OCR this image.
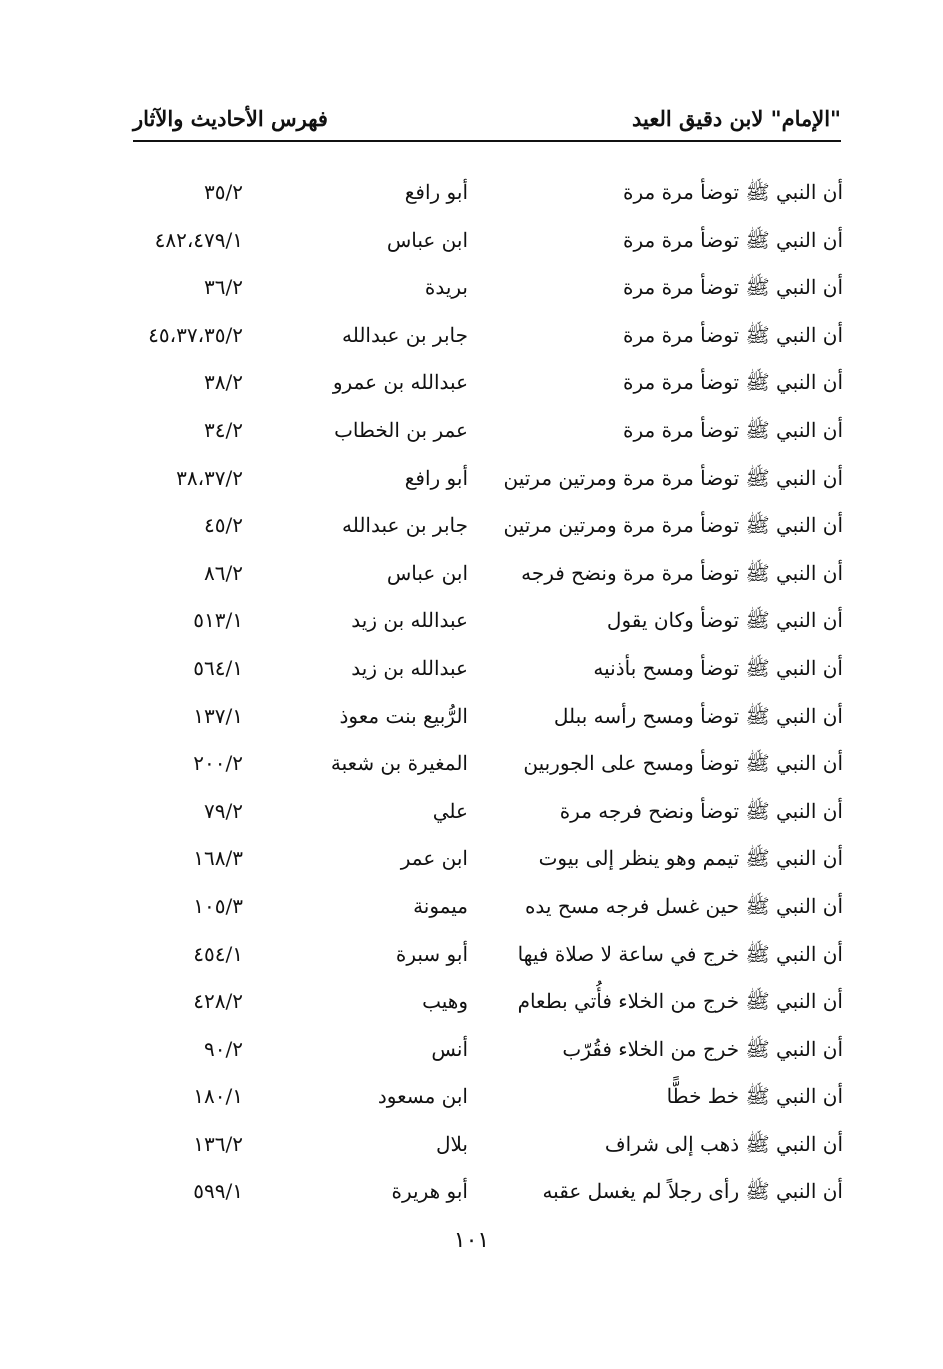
"الإمام" لابن دقيق العيد
فهرس الأحاديث والآثار
أن النبي ﷺ توضأ مرة مرة
أبو رافع
٣٥/٢
أن النبي ﷺ توضأ مرة مرة
ابن عباس
٤٨٢،٤٧٩/١
أن النبي ﷺ توضأ مرة مرة
بريدة
٣٦/٢
أن النبي ﷺ توضأ مرة مرة
جابر بن عبدالله
٤٥،٣٧،٣٥/٢
أن النبي ﷺ توضأ مرة مرة
عبدالله بن عمرو
٣٨/٢
أن النبي ﷺ توضأ مرة مرة
عمر بن الخطاب
٣٤/٢
أن النبي ﷺ توضأ مرة مرة ومرتين مرتين
أبو رافع
٣٨،٣٧/٢
أن النبي ﷺ توضأ مرة مرة ومرتين مرتين
جابر بن عبدالله
٤٥/٢
أن النبي ﷺ توضأ مرة مرة ونضح فرجه
ابن عباس
٨٦/٢
أن النبي ﷺ توضأ وكان يقول
عبدالله بن زيد
٥١٣/١
أن النبي ﷺ توضأ ومسح بأذنيه
عبدالله بن زيد
٥٦٤/١
أن النبي ﷺ توضأ ومسح رأسه ببلل
الرُّبيع بنت معوذ
١٣٧/١
أن النبي ﷺ توضأ ومسح على الجوربين
المغيرة بن شعبة
٢٠٠/٢
أن النبي ﷺ توضأ ونضح فرجه مرة
علي
٧٩/٢
أن النبي ﷺ تيمم وهو ينظر إلى بيوت
ابن عمر
١٦٨/٣
أن النبي ﷺ حين غسل فرجه مسح يده
ميمونة
١٠٥/٣
أن النبي ﷺ خرج في ساعة لا صلاة فيها
أبو سبرة
٤٥٤/١
أن النبي ﷺ خرج من الخلاء فأُتي بطعام
وهيب
٤٢٨/٢
أن النبي ﷺ خرج من الخلاء فقُرّب
أنس
٩٠/٢
أن النبي ﷺ خط خطًّا
ابن مسعود
١٨٠/١
أن النبي ﷺ ذهب إلى شراف
بلال
١٣٦/٢
أن النبي ﷺ رأى رجلاً لم يغسل عقبه
أبو هريرة
٥٩٩/١
١٠١
